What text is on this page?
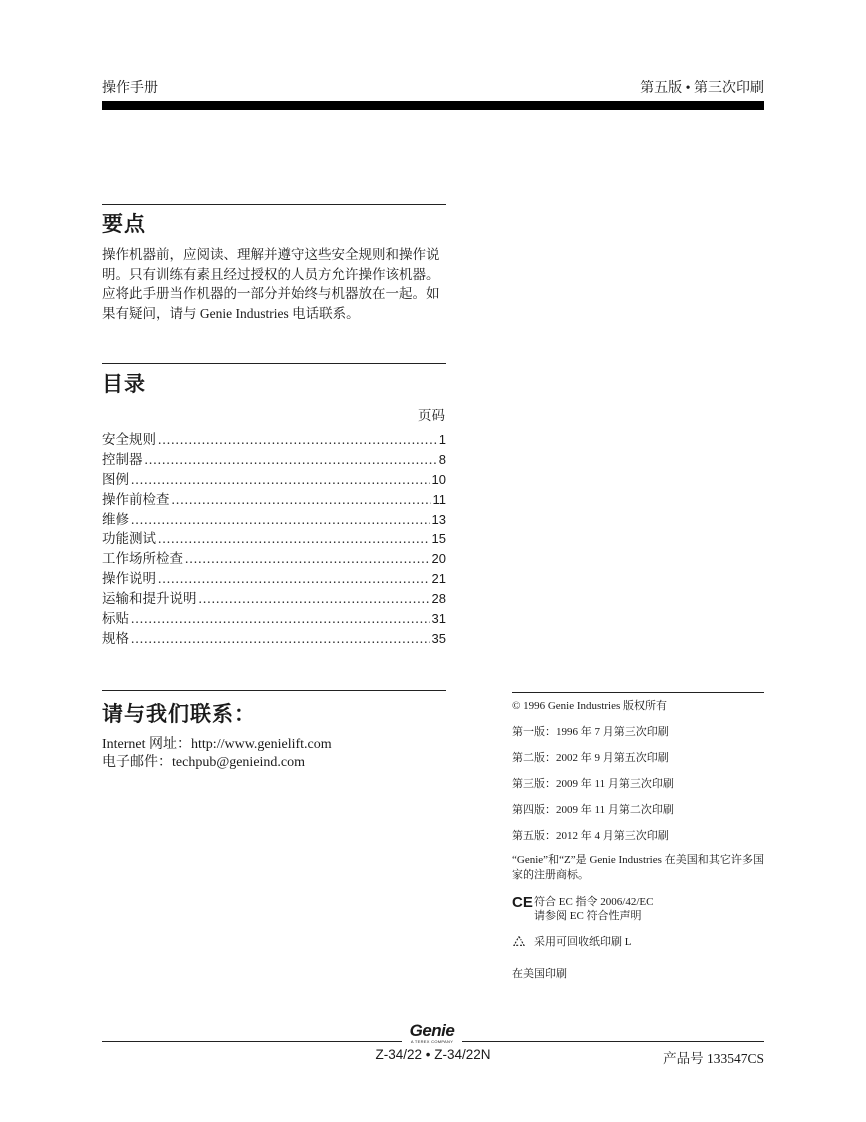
操作手册	第五版 • 第三次印刷
要点
操作机器前，应阅读、理解并遵守这些安全规则和操作说
明。只有训练有素且经过授权的人员方允许操作该机器。
应将此手册当作机器的一部分并始终与机器放在一起。如
果有疑问，请与 Genie Industries 电话联系。
目录
页码
安全规则 .....	1
控制器 .....	8
图例 .....	10
操作前检查 .....	11
维修 .....	13
功能测试 .....	15
工作场所检查 .....	20
操作说明 .....	21
运输和提升说明 .....	28
标贴 .....	31
规格 .....	35
请与我们联系：
Internet 网址：http://www.genielift.com
电子邮件：techpub@genieind.com
© 1996 Genie Industries 版权所有
第一版：1996 年 7 月第三次印刷
第二版：2002 年 9 月第五次印刷
第三版：2009 年 11 月第三次印刷
第四版：2009 年 11 月第二次印刷
第五版：2012 年 4 月第三次印刷
“Genie”和“Z”是 Genie Industries 在美国和其它许多国家的注册商标。
CE 符合 EC 指令 2006/42/EC
请参阅 EC 符合性声明
采用可回收纸印刷 L
在美国印刷
Genie
A TEREX COMPANY
Z-34/22 • Z-34/22N	产品号 133547CS
